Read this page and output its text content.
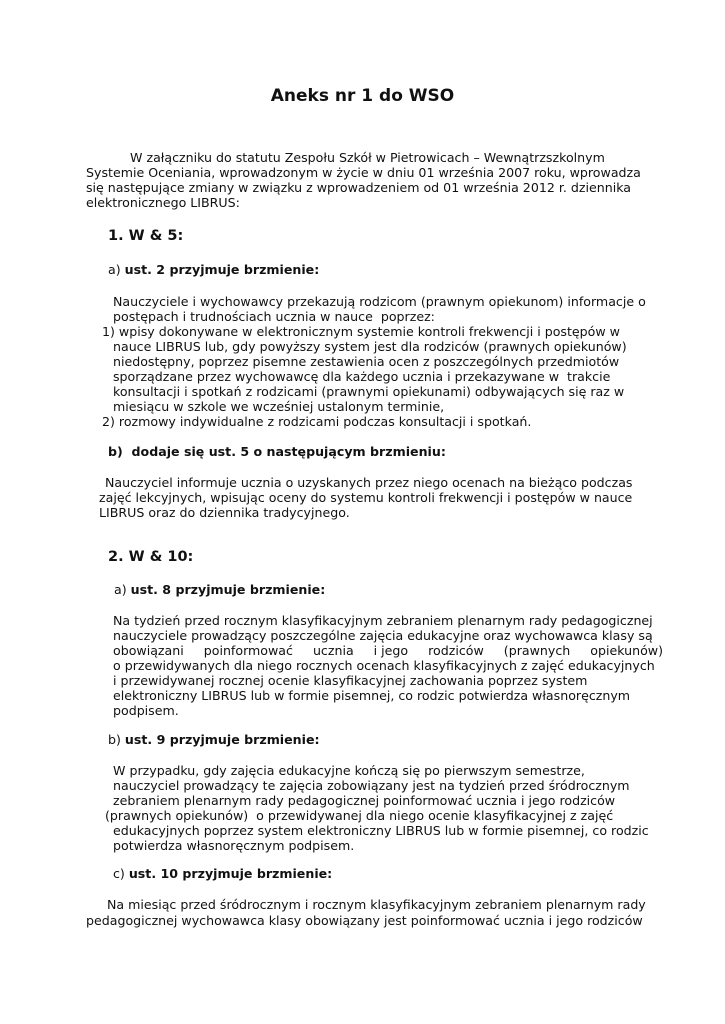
Aneks nr 1 do WSO

W załączniku do statutu Zespołu Szkół w Pietrowicach – Wewnątrzszkolnym

Systemie Oceniania, wprowadzonym w życie w dniu 01 września 2007 roku, wprowadza

się następujące zmiany w związku z wprowadzeniem od 01 września 2012 r. dziennika

elektronicznego LIBRUS:

1. W & 5:

a) ust. 2 przyjmuje brzmienie:

Nauczyciele i wychowawcy przekazują rodzicom (prawnym opiekunom) informacje o

postępach i trudnościach ucznia w nauce  poprzez:

1) wpisy dokonywane w elektronicznym systemie kontroli frekwencji i postępów w

nauce LIBRUS lub, gdy powyższy system jest dla rodziców (prawnych opiekunów)

niedostępny, poprzez pisemne zestawienia ocen z poszczególnych przedmiotów

sporządzane przez wychowawcę dla każdego ucznia i przekazywane w  trakcie

konsultacji i spotkań z rodzicami (prawnymi opiekunami) odbywających się raz w

miesiącu w szkole we wcześniej ustalonym terminie,

2) rozmowy indywidualne z rodzicami podczas konsultacji i spotkań.

b)  dodaje się ust. 5 o następującym brzmieniu:

Nauczyciel informuje ucznia o uzyskanych przez niego ocenach na bieżąco podczas

zajęć lekcyjnych, wpisując oceny do systemu kontroli frekwencji i postępów w nauce

LIBRUS oraz do dziennika tradycyjnego.

2. W & 10:

a) ust. 8 przyjmuje brzmienie:

Na tydzień przed rocznym klasyfikacyjnym zebraniem plenarnym rady pedagogicznej

nauczyciele prowadzący poszczególne zajęcia edukacyjne oraz wychowawca klasy są

obowiązani     poinformować     ucznia     i jego     rodziców     (prawnych     opiekunów)

o przewidywanych dla niego rocznych ocenach klasyfikacyjnych z zajęć edukacyjnych

i przewidywanej rocznej ocenie klasyfikacyjnej zachowania poprzez system

elektroniczny LIBRUS lub w formie pisemnej, co rodzic potwierdza własnoręcznym

podpisem.

b) ust. 9 przyjmuje brzmienie:

W przypadku, gdy zajęcia edukacyjne kończą się po pierwszym semestrze,

nauczyciel prowadzący te zajęcia zobowiązany jest na tydzień przed śródrocznym

zebraniem plenarnym rady pedagogicznej poinformować ucznia i jego rodziców

(prawnych opiekunów)  o przewidywanej dla niego ocenie klasyfikacyjnej z zajęć

edukacyjnych poprzez system elektroniczny LIBRUS lub w formie pisemnej, co rodzic

potwierdza własnoręcznym podpisem.

c) ust. 10 przyjmuje brzmienie:

Na miesiąc przed śródrocznym i rocznym klasyfikacyjnym zebraniem plenarnym rady

pedagogicznej wychowawca klasy obowiązany jest poinformować ucznia i jego rodziców
